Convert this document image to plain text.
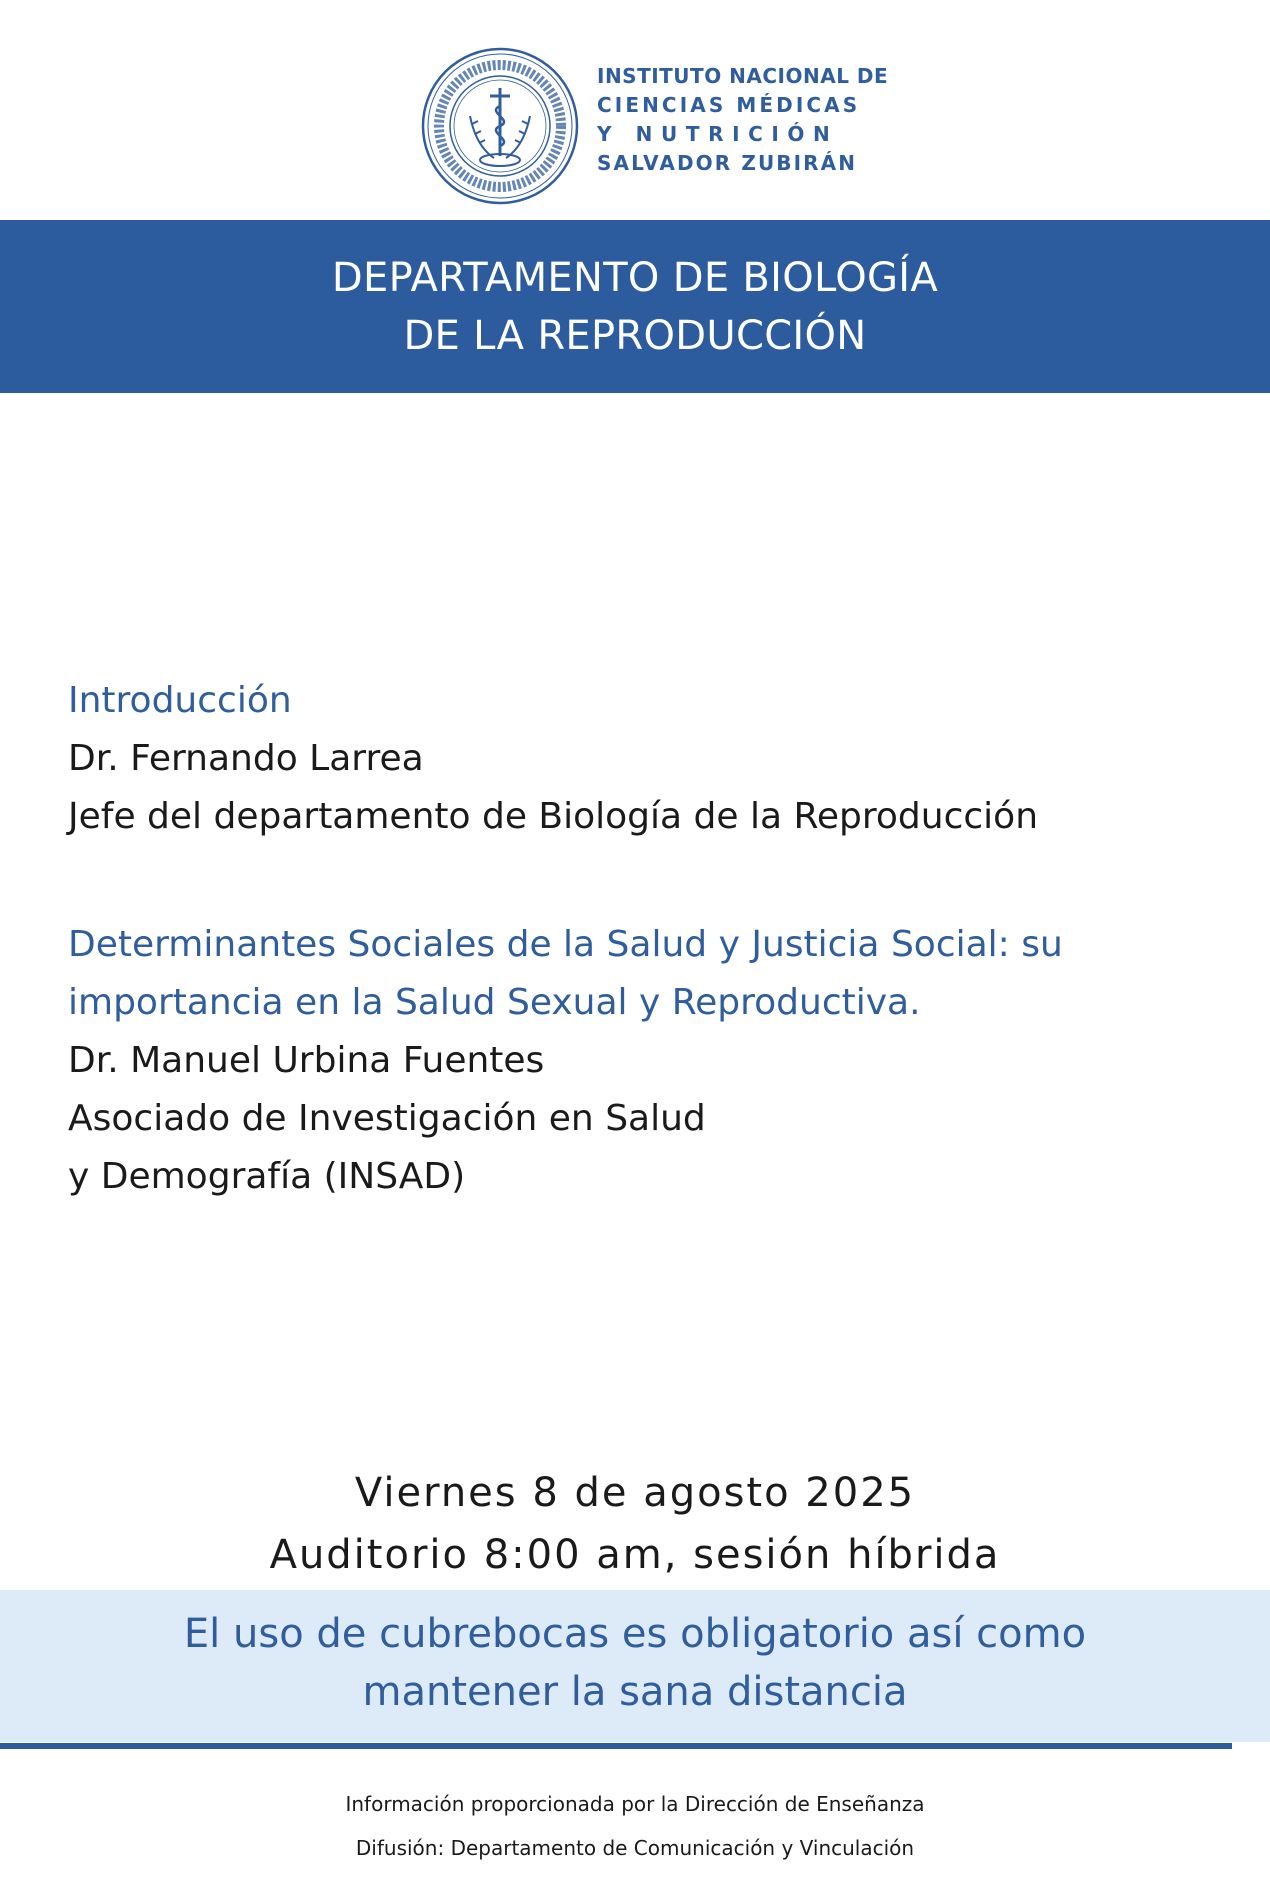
INSTITUTO NACIONAL DE
CIENCIAS MÉDICAS
Y NUTRICIÓN
SALVADOR ZUBIRÁN
DEPARTAMENTO DE BIOLOGÍA
DE LA REPRODUCCIÓN
Introducción
Dr. Fernando Larrea
Jefe del departamento de Biología de la Reproducción
Determinantes Sociales de la Salud y Justicia Social: su
importancia en la Salud Sexual y Reproductiva.
Dr. Manuel Urbina Fuentes
Asociado de Investigación en Salud
y Demografía (INSAD)
Viernes 8 de agosto 2025
Auditorio 8:00 am, sesión híbrida
El uso de cubrebocas es obligatorio así como
mantener la sana distancia
Información proporcionada por la Dirección de Enseñanza
Difusión: Departamento de Comunicación y Vinculación
